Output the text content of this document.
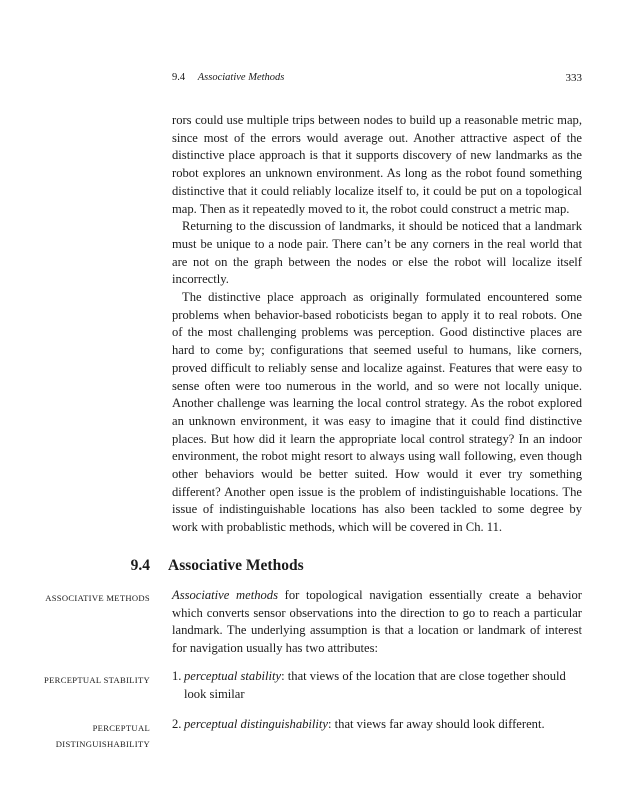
9.4 Associative Methods	333

rors could use multiple trips between nodes to build up a reasonable metric map, since most of the errors would average out. Another attractive aspect of the distinctive place approach is that it supports discovery of new landmarks as the robot explores an unknown environment. As long as the robot found something distinctive that it could reliably localize itself to, it could be put on a topological map. Then as it repeatedly moved to it, the robot could construct a metric map.

Returning to the discussion of landmarks, it should be noticed that a landmark must be unique to a node pair. There can’t be any corners in the real world that are not on the graph between the nodes or else the robot will localize itself incorrectly.

The distinctive place approach as originally formulated encountered some problems when behavior-based roboticists began to apply it to real robots. One of the most challenging problems was perception. Good distinctive places are hard to come by; configurations that seemed useful to humans, like corners, proved difficult to reliably sense and localize against. Features that were easy to sense often were too numerous in the world, and so were not locally unique. Another challenge was learning the local control strategy. As the robot explored an unknown environment, it was easy to imagine that it could find distinctive places. But how did it learn the appropriate local control strategy? In an indoor environment, the robot might resort to always using wall following, even though other behaviors would be better suited. How would it ever try something different? Another open issue is the problem of indistinguishable locations. The issue of indistinguishable locations has also been tackled to some degree by work with probablistic methods, which will be covered in Ch. 11.

9.4 Associative Methods
ASSOCIATIVE METHODS
PERCEPTUAL STABILITY
PERCEPTUAL DISTINGUISHABILITY

Associative methods for topological navigation essentially create a behavior which converts sensor observations into the direction to go to reach a particular landmark. The underlying assumption is that a location or landmark of interest for navigation usually has two attributes:

1. perceptual stability: that views of the location that are close together should look similar
2. perceptual distinguishability: that views far away should look different.
